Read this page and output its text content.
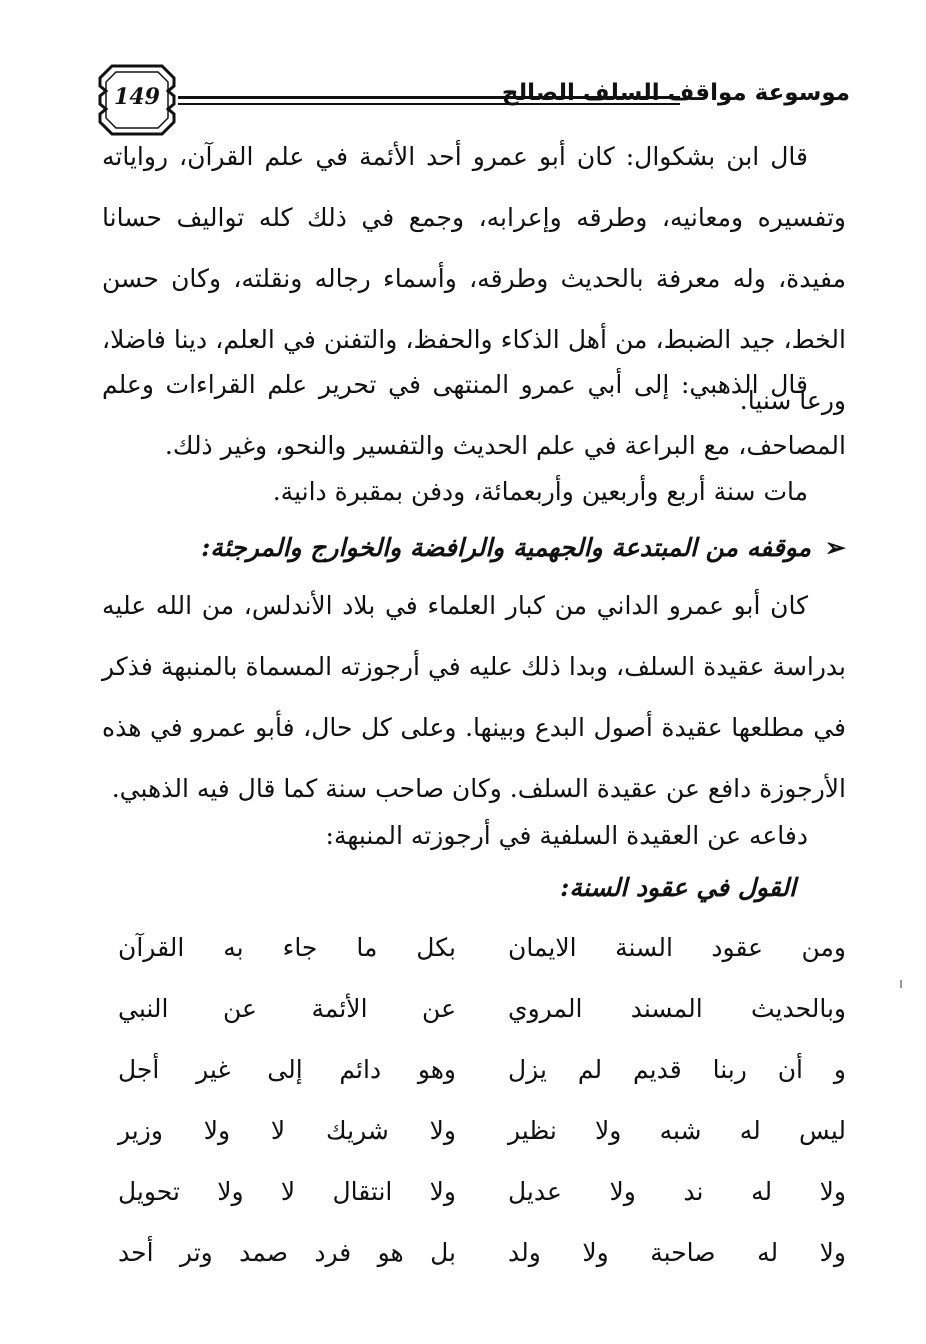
149	موسوعة مواقف السلف الصالح

قال ابن بشكوال: كان أبو عمرو أحد الأئمة في علم القرآن، رواياته وتفسيره ومعانيه، وطرقه وإعرابه، وجمع في ذلك كله تواليف حسانا مفيدة، وله معرفة بالحديث وطرقه، وأسماء رجاله ونقلته، وكان حسن الخط، جيد الضبط، من أهل الذكاء والحفظ، والتفنن في العلم، دينا فاضلا، ورعا سنيا.

قال الذهبي: إلى أبي عمرو المنتهى في تحرير علم القراءات وعلم المصاحف، مع البراعة في علم الحديث والتفسير والنحو، وغير ذلك.

مات سنة أربع وأربعين وأربعمائة، ودفن بمقبرة دانية.

➢موقفه من المبتدعة والجهمية والرافضة والخوارج والمرجئة:

كان أبو عمرو الداني من كبار العلماء في بلاد الأندلس، من الله عليه بدراسة عقيدة السلف، وبدا ذلك عليه في أرجوزته المسماة بالمنبهة فذكر في مطلعها عقيدة أصول البدع وبينها. وعلى كل حال، فأبو عمرو في هذه الأرجوزة دافع عن عقيدة السلف. وكان صاحب سنة كما قال فيه الذهبي.

دفاعه عن العقيدة السلفية في أرجوزته المنبهة:

القول في عقود السنة:
ومن عقود السنة الايمان
بكل ما جاء به القرآن
وبالحديث المسند المروي
عن الأئمة عن النبي
و أن ربنا قديم لم يزل
وهو دائم إلى غير أجل
ليس له شبه ولا نظير
ولا شريك لا ولا وزير
ولا له ند ولا عديل
ولا انتقال لا ولا تحويل
ولا له صاحبة ولا ولد
بل هو فرد صمد وتر أحد
